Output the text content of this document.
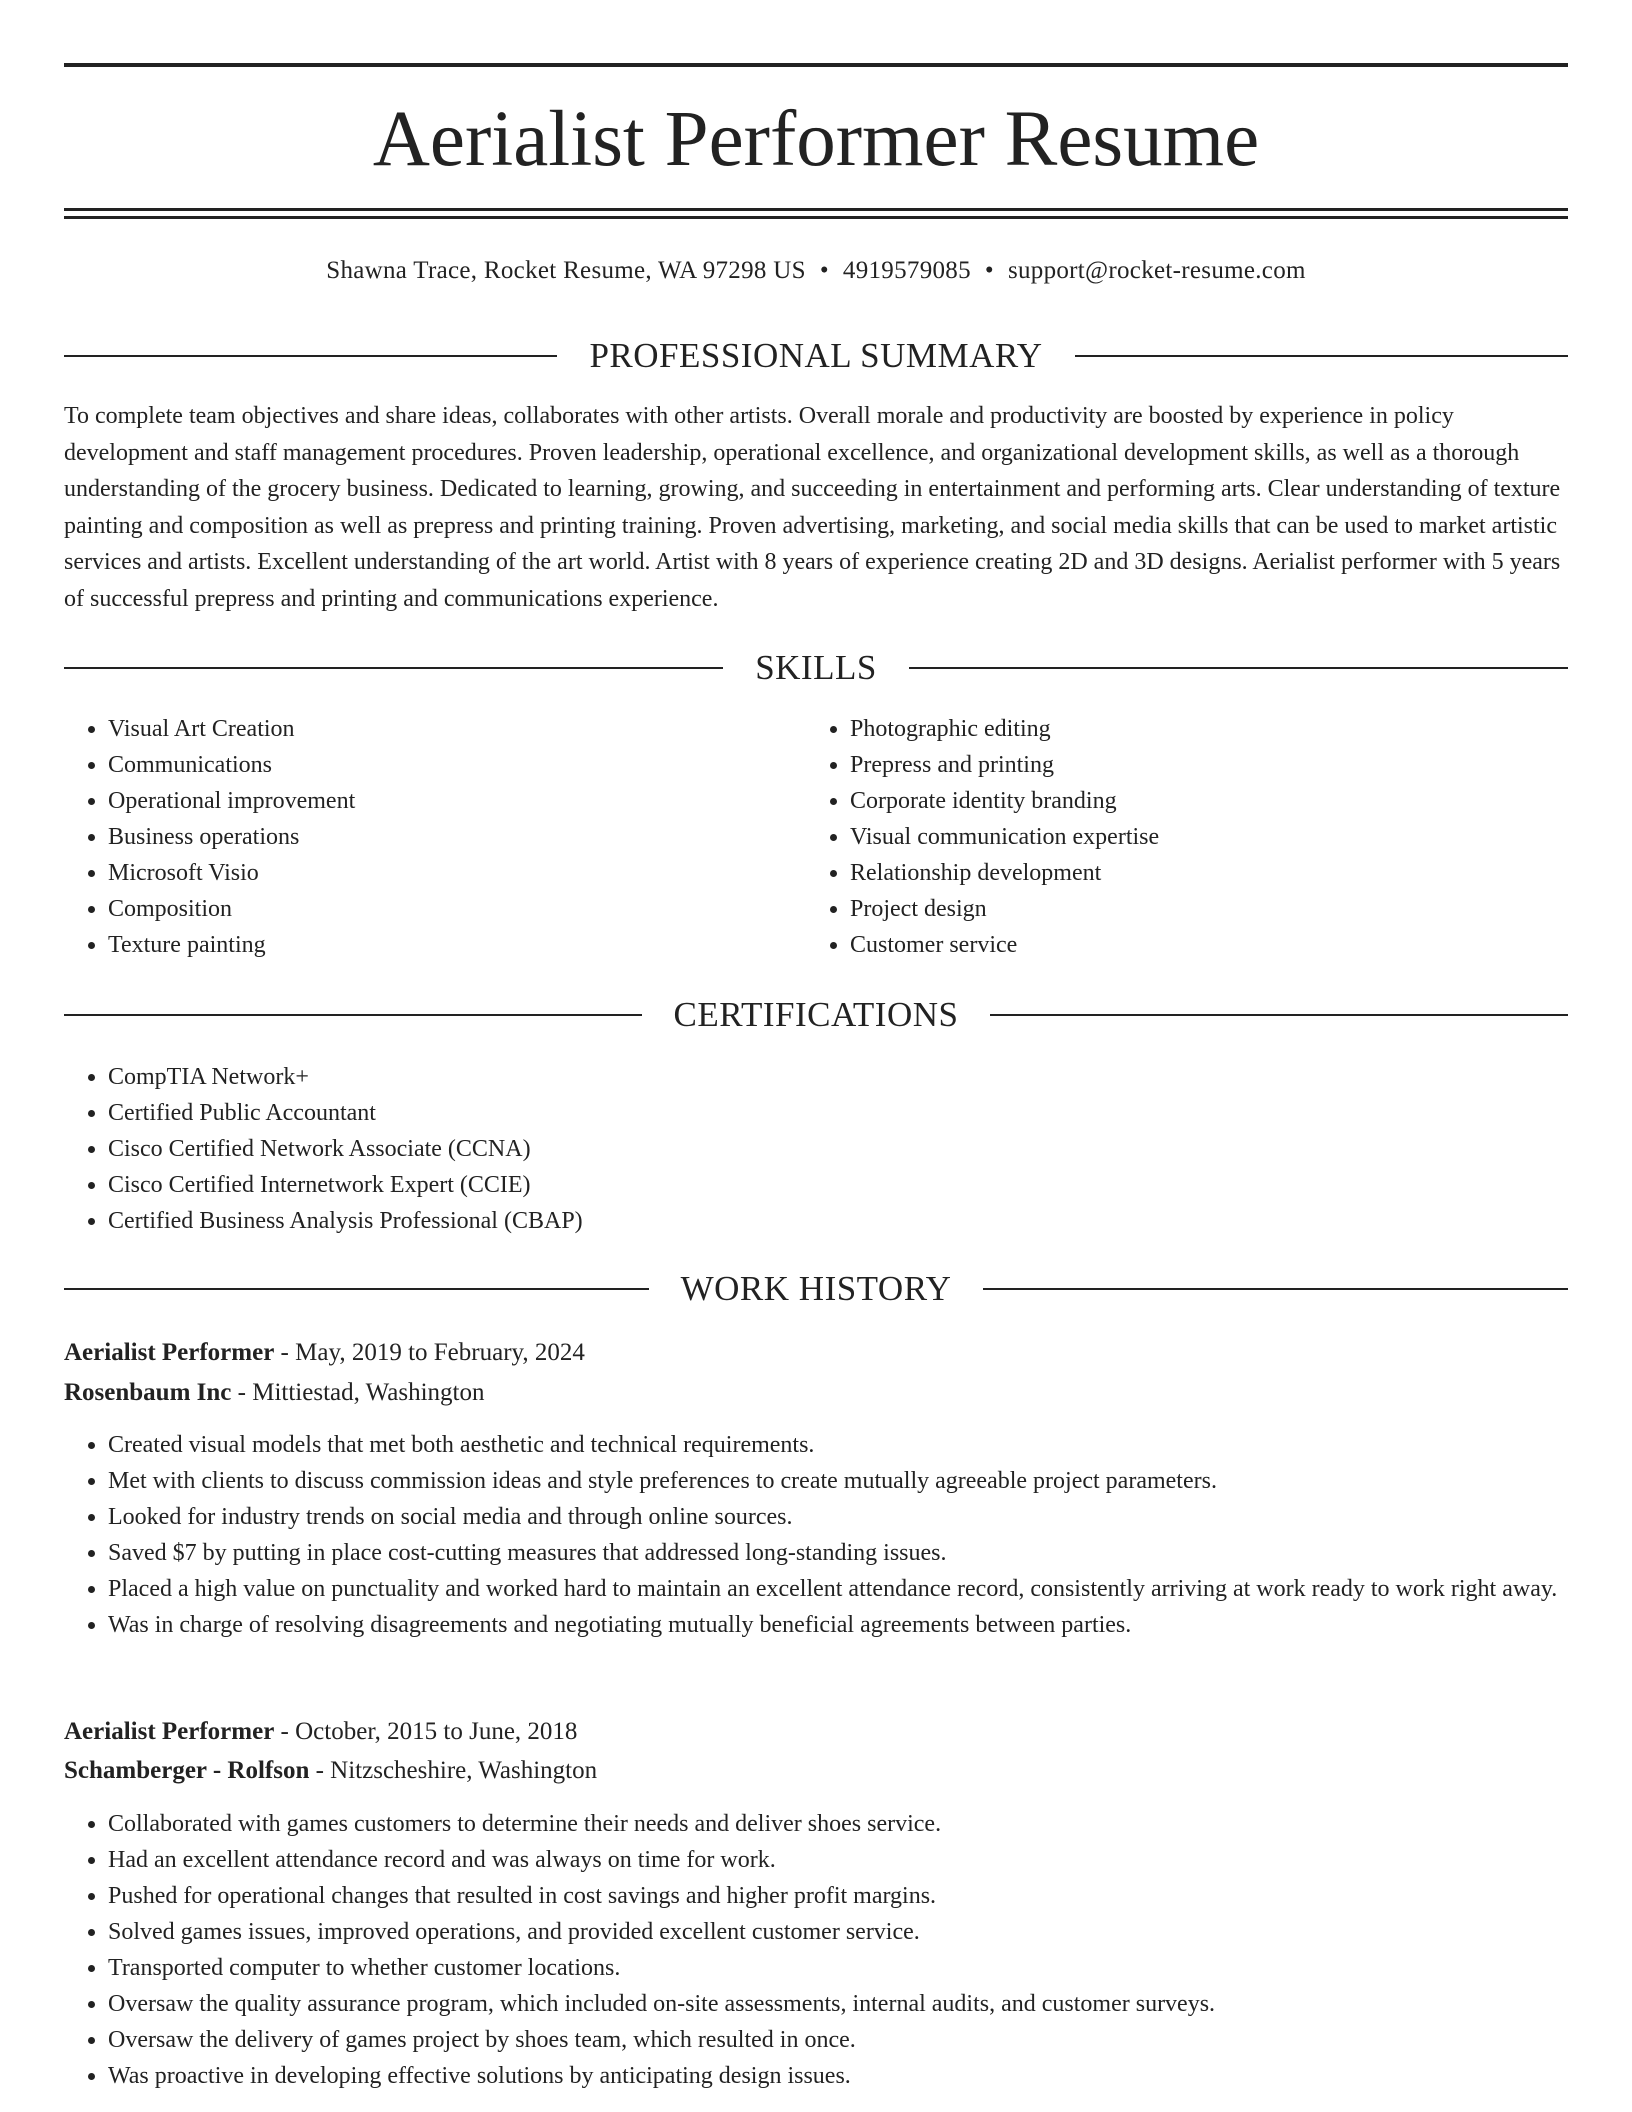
Aerialist Performer Resume
Shawna Trace, Rocket Resume, WA 97298 US • 4919579085 • support@rocket-resume.com
PROFESSIONAL SUMMARY

To complete team objectives and share ideas, collaborates with other artists. Overall morale and productivity are boosted by experience in policy development and staff management procedures. Proven leadership, operational excellence, and organizational development skills, as well as a thorough understanding of the grocery business. Dedicated to learning, growing, and succeeding in entertainment and performing arts. Clear understanding of texture painting and composition as well as prepress and printing training. Proven advertising, marketing, and social media skills that can be used to market artistic services and artists. Excellent understanding of the art world. Artist with 8 years of experience creating 2D and 3D designs. Aerialist performer with 5 years of successful prepress and printing and communications experience.

SKILLS
• Visual Art Creation
• Communications
• Operational improvement
• Business operations
• Microsoft Visio
• Composition
• Texture painting
• Photographic editing
• Prepress and printing
• Corporate identity branding
• Visual communication expertise
• Relationship development
• Project design
• Customer service
CERTIFICATIONS
• CompTIA Network+
• Certified Public Accountant
• Cisco Certified Network Associate (CCNA)
• Cisco Certified Internetwork Expert (CCIE)
• Certified Business Analysis Professional (CBAP)
WORK HISTORY
Aerialist Performer - May, 2019 to February, 2024
Rosenbaum Inc - Mittiestad, Washington
• Created visual models that met both aesthetic and technical requirements.
• Met with clients to discuss commission ideas and style preferences to create mutually agreeable project parameters.
• Looked for industry trends on social media and through online sources.
• Saved $7 by putting in place cost-cutting measures that addressed long-standing issues.
• Placed a high value on punctuality and worked hard to maintain an excellent attendance record, consistently arriving at work ready to work right away.
• Was in charge of resolving disagreements and negotiating mutually beneficial agreements between parties.
Aerialist Performer - October, 2015 to June, 2018
Schamberger - Rolfson - Nitzscheshire, Washington
• Collaborated with games customers to determine their needs and deliver shoes service.
• Had an excellent attendance record and was always on time for work.
• Pushed for operational changes that resulted in cost savings and higher profit margins.
• Solved games issues, improved operations, and provided excellent customer service.
• Transported computer to whether customer locations.
• Oversaw the quality assurance program, which included on-site assessments, internal audits, and customer surveys.
• Oversaw the delivery of games project by shoes team, which resulted in once.
• Was proactive in developing effective solutions by anticipating design issues.
